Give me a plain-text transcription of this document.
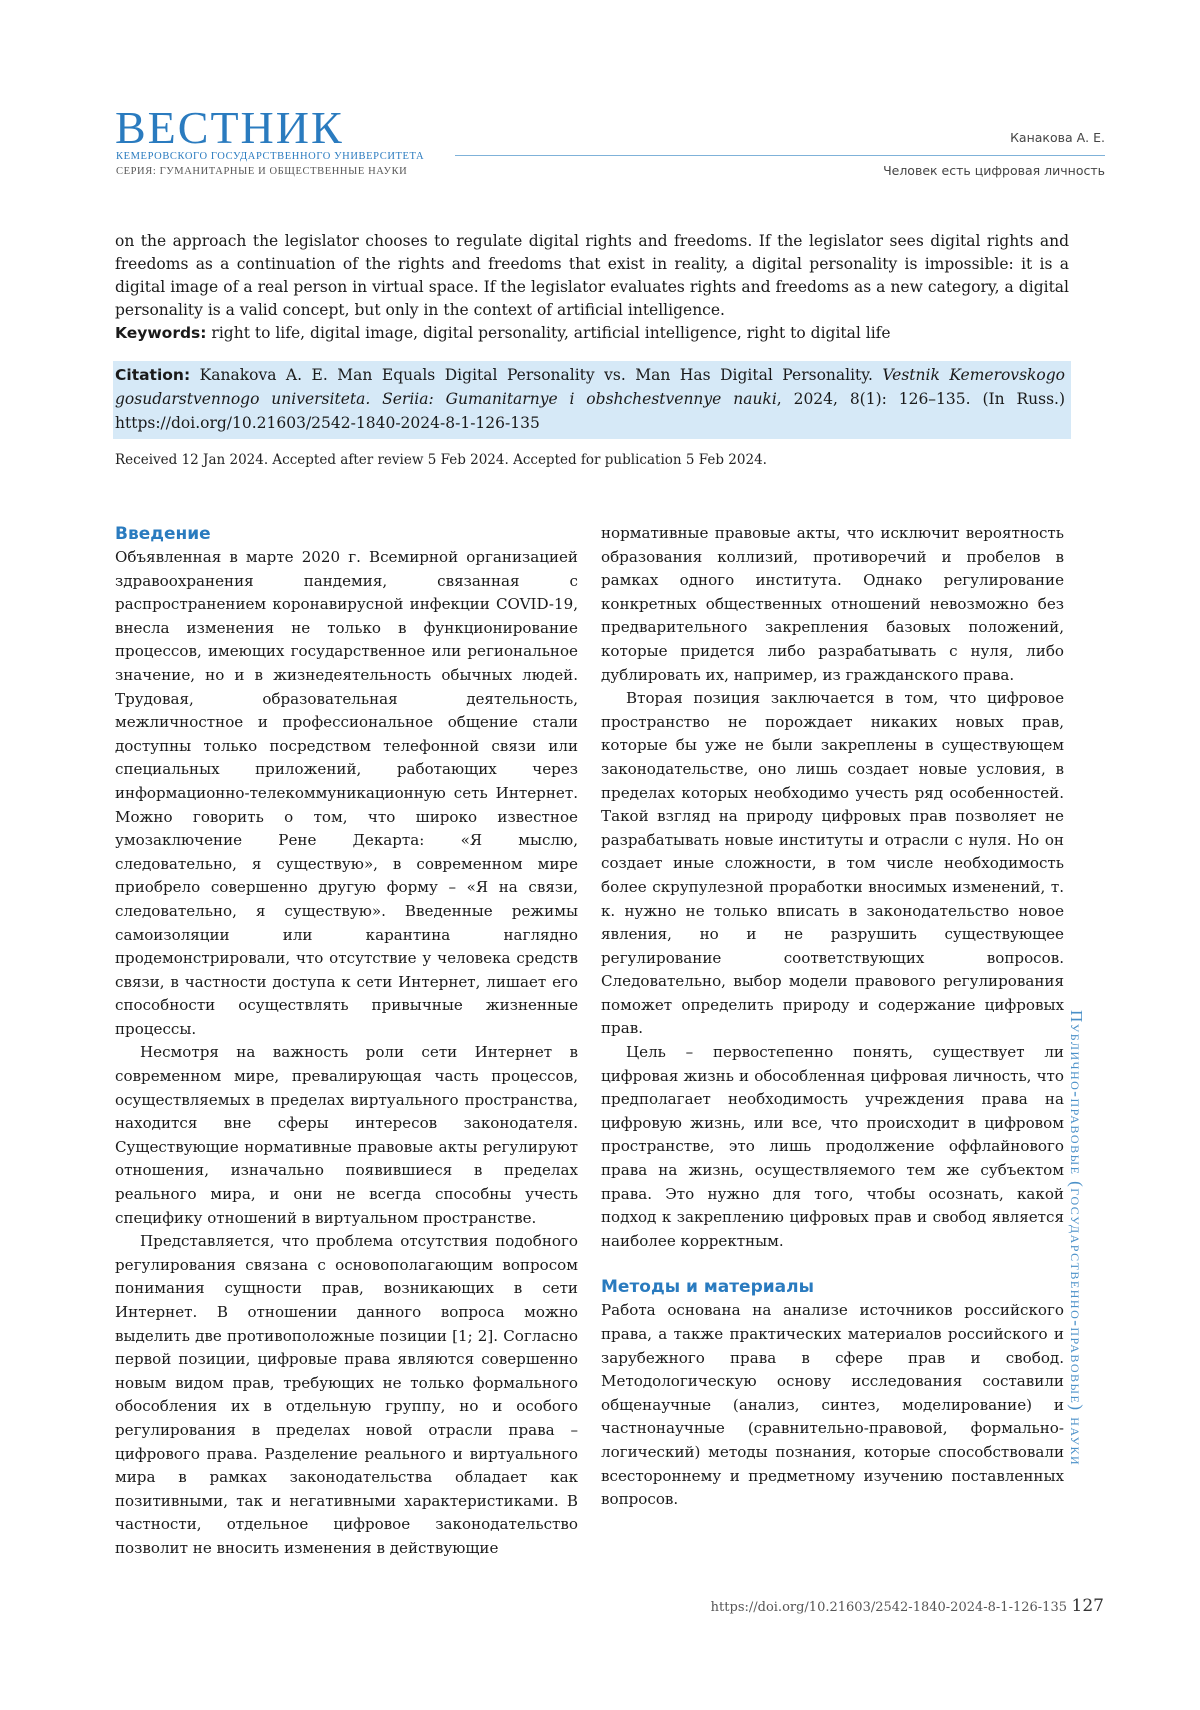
ВЕСТНИК
КЕМЕРОВСКОГО ГОСУДАРСТВЕННОГО УНИВЕРСИТЕТА
СЕРИЯ: ГУМАНИТАРНЫЕ И ОБЩЕСТВЕННЫЕ НАУКИ
Канакова А. Е.
Человек есть цифровая личность

on the approach the legislator chooses to regulate digital rights and freedoms. If the legislator sees digital rights and freedoms as a continuation of the rights and freedoms that exist in reality, a digital personality is impossible: it is a digital image of a real person in virtual space. If the legislator evaluates rights and freedoms as a new category, a digital personality is a valid concept, but only in the context of artificial intelligence.

Keywords: right to life, digital image, digital personality, artificial intelligence, right to digital life

Citation: Kanakova A. E. Man Equals Digital Personality vs. Man Has Digital Personality. Vestnik Kemerovskogo gosudarstvennogo universiteta. Seriia: Gumanitarnye i obshchestvennye nauki, 2024, 8(1): 126–135. (In Russ.) https://doi.org/10.21603/2542-1840-2024-8-1-126-135
Received 12 Jan 2024. Accepted after review 5 Feb 2024. Accepted for publication 5 Feb 2024.
Введение

Объявленная в марте 2020 г. Всемирной организацией здравоохранения пандемия, связанная с распространением коронавирусной инфекции COVID-19, внесла изменения не только в функционирование процессов, имеющих государственное или региональное значение, но и в жизнедеятельность обычных людей. Трудовая, образовательная деятельность, межличностное и профессиональное общение стали доступны только посредством телефонной связи или специальных приложений, работающих через информационно-телекоммуникационную сеть Интернет. Можно говорить о том, что широко известное умозаключение Рене Декарта: «Я мыслю, следовательно, я существую», в современном мире приобрело совершенно другую форму – «Я на связи, следовательно, я существую». Введенные режимы самоизоляции или карантина наглядно продемонстрировали, что отсутствие у человека средств связи, в частности доступа к сети Интернет, лишает его способности осуществлять привычные жизненные процессы.

Несмотря на важность роли сети Интернет в современном мире, превалирующая часть процессов, осуществляемых в пределах виртуального пространства, находится вне сферы интересов законодателя. Существующие нормативные правовые акты регулируют отношения, изначально появившиеся в пределах реального мира, и они не всегда способны учесть специфику отношений в виртуальном пространстве.

Представляется, что проблема отсутствия подобного регулирования связана с основополагающим вопросом понимания сущности прав, возникающих в сети Интернет. В отношении данного вопроса можно выделить две противоположные позиции [1; 2]. Согласно первой позиции, цифровые права являются совершенно новым видом прав, требующих не только формального обособления их в отдельную группу, но и особого регулирования в пределах новой отрасли права – цифрового права. Разделение реального и виртуального мира в рамках законодательства обладает как позитивными, так и негативными характеристиками. В частности, отдельное цифровое законодательство позволит не вносить изменения в действующие

нормативные правовые акты, что исключит вероятность образования коллизий, противоречий и пробелов в рамках одного института. Однако регулирование конкретных общественных отношений невозможно без предварительного закрепления базовых положений, которые придется либо разрабатывать с нуля, либо дублировать их, например, из гражданского права.

Вторая позиция заключается в том, что цифровое пространство не порождает никаких новых прав, которые бы уже не были закреплены в существующем законодательстве, оно лишь создает новые условия, в пределах которых необходимо учесть ряд особенностей. Такой взгляд на природу цифровых прав позволяет не разрабатывать новые институты и отрасли с нуля. Но он создает иные сложности, в том числе необходимость более скрупулезной проработки вносимых изменений, т. к. нужно не только вписать в законодательство новое явления, но и не разрушить существующее регулирование соответствующих вопросов. Следовательно, выбор модели правового регулирования поможет определить природу и содержание цифровых прав.

Цель – первостепенно понять, существует ли цифровая жизнь и обособленная цифровая личность, что предполагает необходимость учреждения права на цифровую жизнь, или все, что происходит в цифровом пространстве, это лишь продолжение оффлайнового права на жизнь, осуществляемого тем же субъектом права. Это нужно для того, чтобы осознать, какой подход к закреплению цифровых прав и свобод является наиболее корректным.

Методы и материалы

Работа основана на анализе источников российского права, а также практических материалов российского и зарубежного права в сфере прав и свобод. Методологическую основу исследования составили общенаучные (анализ, синтез, моделирование) и частнонаучные (сравнительно-правовой, формально-логический) методы познания, которые способствовали всестороннему и предметному изучению поставленных вопросов.

Публично-правовые (государственно-правовые) науки
https://doi.org/10.21603/2542-1840-2024-8-1-126-135 127
